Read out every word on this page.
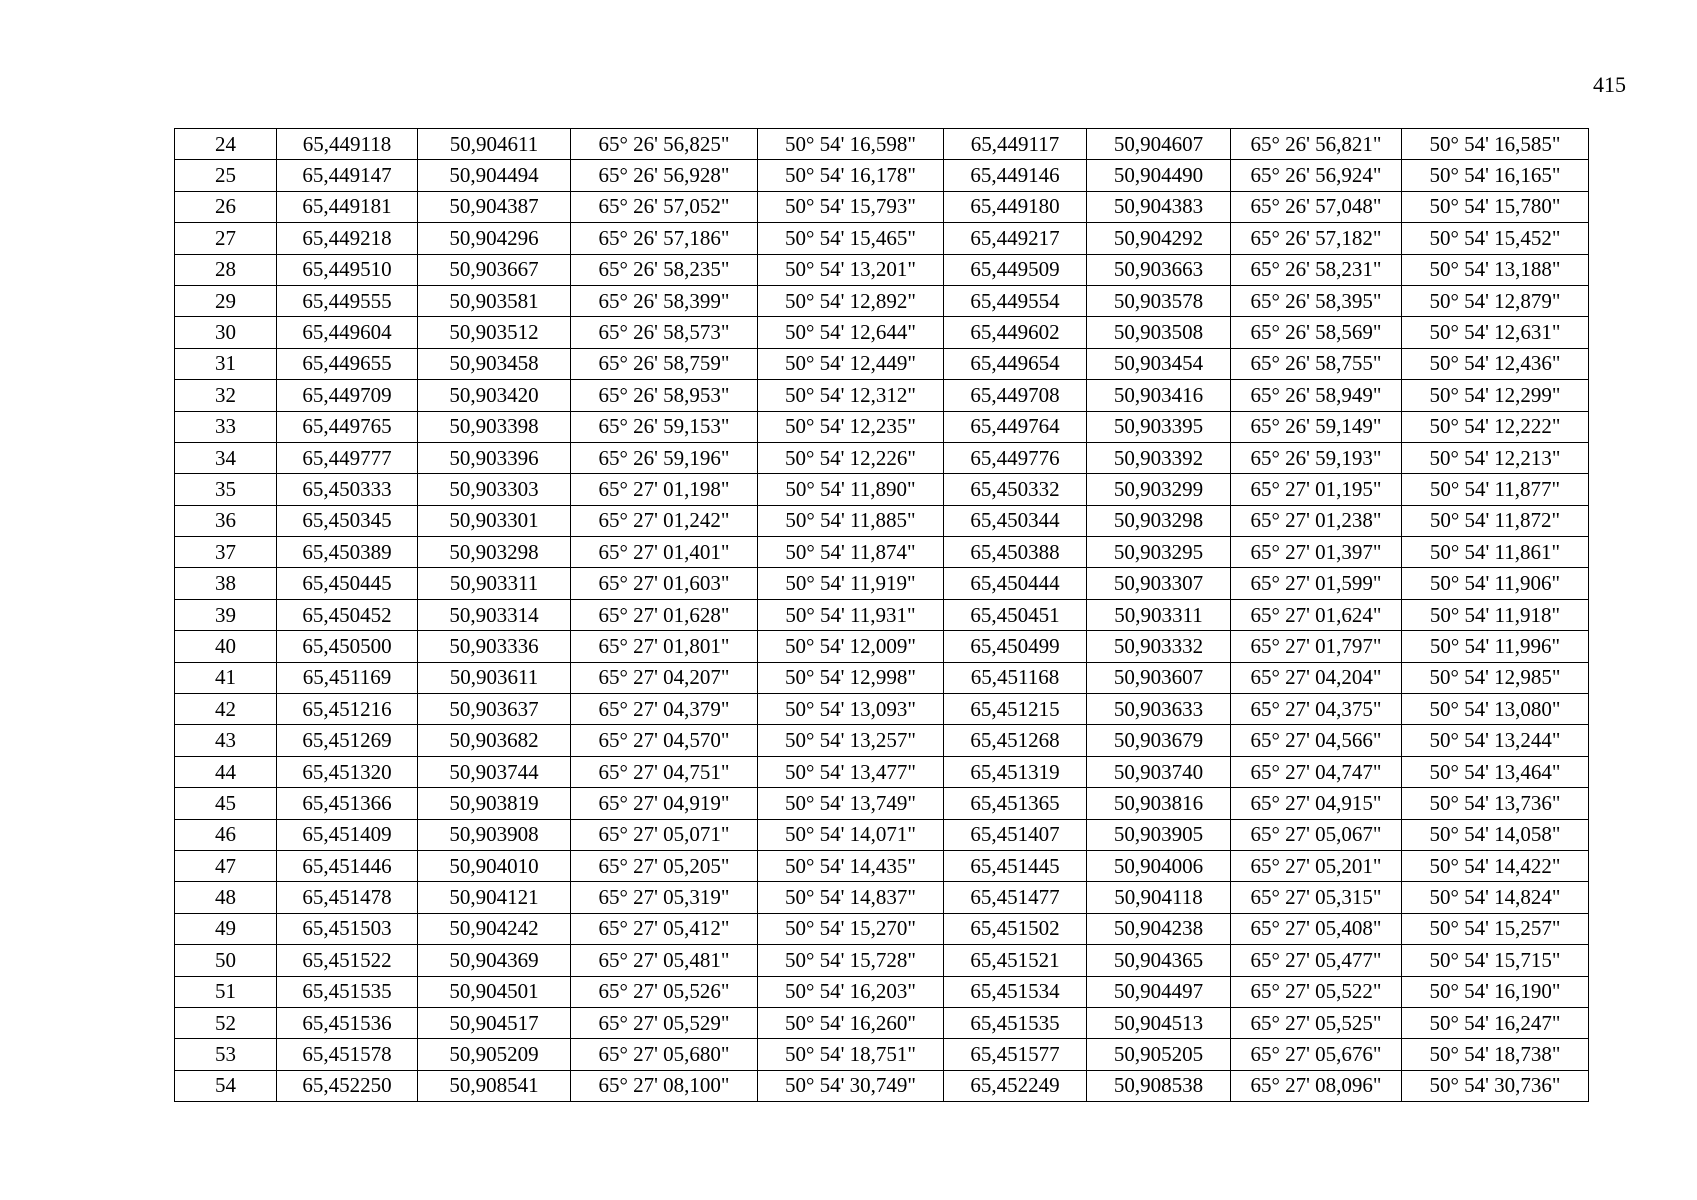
415
24	65,449118	50,904611	65° 26' 56,825"	50° 54' 16,598"	65,449117	50,904607	65° 26' 56,821"	50° 54' 16,585"
25	65,449147	50,904494	65° 26' 56,928"	50° 54' 16,178"	65,449146	50,904490	65° 26' 56,924"	50° 54' 16,165"
26	65,449181	50,904387	65° 26' 57,052"	50° 54' 15,793"	65,449180	50,904383	65° 26' 57,048"	50° 54' 15,780"
27	65,449218	50,904296	65° 26' 57,186"	50° 54' 15,465"	65,449217	50,904292	65° 26' 57,182"	50° 54' 15,452"
28	65,449510	50,903667	65° 26' 58,235"	50° 54' 13,201"	65,449509	50,903663	65° 26' 58,231"	50° 54' 13,188"
29	65,449555	50,903581	65° 26' 58,399"	50° 54' 12,892"	65,449554	50,903578	65° 26' 58,395"	50° 54' 12,879"
30	65,449604	50,903512	65° 26' 58,573"	50° 54' 12,644"	65,449602	50,903508	65° 26' 58,569"	50° 54' 12,631"
31	65,449655	50,903458	65° 26' 58,759"	50° 54' 12,449"	65,449654	50,903454	65° 26' 58,755"	50° 54' 12,436"
32	65,449709	50,903420	65° 26' 58,953"	50° 54' 12,312"	65,449708	50,903416	65° 26' 58,949"	50° 54' 12,299"
33	65,449765	50,903398	65° 26' 59,153"	50° 54' 12,235"	65,449764	50,903395	65° 26' 59,149"	50° 54' 12,222"
34	65,449777	50,903396	65° 26' 59,196"	50° 54' 12,226"	65,449776	50,903392	65° 26' 59,193"	50° 54' 12,213"
35	65,450333	50,903303	65° 27' 01,198"	50° 54' 11,890"	65,450332	50,903299	65° 27' 01,195"	50° 54' 11,877"
36	65,450345	50,903301	65° 27' 01,242"	50° 54' 11,885"	65,450344	50,903298	65° 27' 01,238"	50° 54' 11,872"
37	65,450389	50,903298	65° 27' 01,401"	50° 54' 11,874"	65,450388	50,903295	65° 27' 01,397"	50° 54' 11,861"
38	65,450445	50,903311	65° 27' 01,603"	50° 54' 11,919"	65,450444	50,903307	65° 27' 01,599"	50° 54' 11,906"
39	65,450452	50,903314	65° 27' 01,628"	50° 54' 11,931"	65,450451	50,903311	65° 27' 01,624"	50° 54' 11,918"
40	65,450500	50,903336	65° 27' 01,801"	50° 54' 12,009"	65,450499	50,903332	65° 27' 01,797"	50° 54' 11,996"
41	65,451169	50,903611	65° 27' 04,207"	50° 54' 12,998"	65,451168	50,903607	65° 27' 04,204"	50° 54' 12,985"
42	65,451216	50,903637	65° 27' 04,379"	50° 54' 13,093"	65,451215	50,903633	65° 27' 04,375"	50° 54' 13,080"
43	65,451269	50,903682	65° 27' 04,570"	50° 54' 13,257"	65,451268	50,903679	65° 27' 04,566"	50° 54' 13,244"
44	65,451320	50,903744	65° 27' 04,751"	50° 54' 13,477"	65,451319	50,903740	65° 27' 04,747"	50° 54' 13,464"
45	65,451366	50,903819	65° 27' 04,919"	50° 54' 13,749"	65,451365	50,903816	65° 27' 04,915"	50° 54' 13,736"
46	65,451409	50,903908	65° 27' 05,071"	50° 54' 14,071"	65,451407	50,903905	65° 27' 05,067"	50° 54' 14,058"
47	65,451446	50,904010	65° 27' 05,205"	50° 54' 14,435"	65,451445	50,904006	65° 27' 05,201"	50° 54' 14,422"
48	65,451478	50,904121	65° 27' 05,319"	50° 54' 14,837"	65,451477	50,904118	65° 27' 05,315"	50° 54' 14,824"
49	65,451503	50,904242	65° 27' 05,412"	50° 54' 15,270"	65,451502	50,904238	65° 27' 05,408"	50° 54' 15,257"
50	65,451522	50,904369	65° 27' 05,481"	50° 54' 15,728"	65,451521	50,904365	65° 27' 05,477"	50° 54' 15,715"
51	65,451535	50,904501	65° 27' 05,526"	50° 54' 16,203"	65,451534	50,904497	65° 27' 05,522"	50° 54' 16,190"
52	65,451536	50,904517	65° 27' 05,529"	50° 54' 16,260"	65,451535	50,904513	65° 27' 05,525"	50° 54' 16,247"
53	65,451578	50,905209	65° 27' 05,680"	50° 54' 18,751"	65,451577	50,905205	65° 27' 05,676"	50° 54' 18,738"
54	65,452250	50,908541	65° 27' 08,100"	50° 54' 30,749"	65,452249	50,908538	65° 27' 08,096"	50° 54' 30,736"
